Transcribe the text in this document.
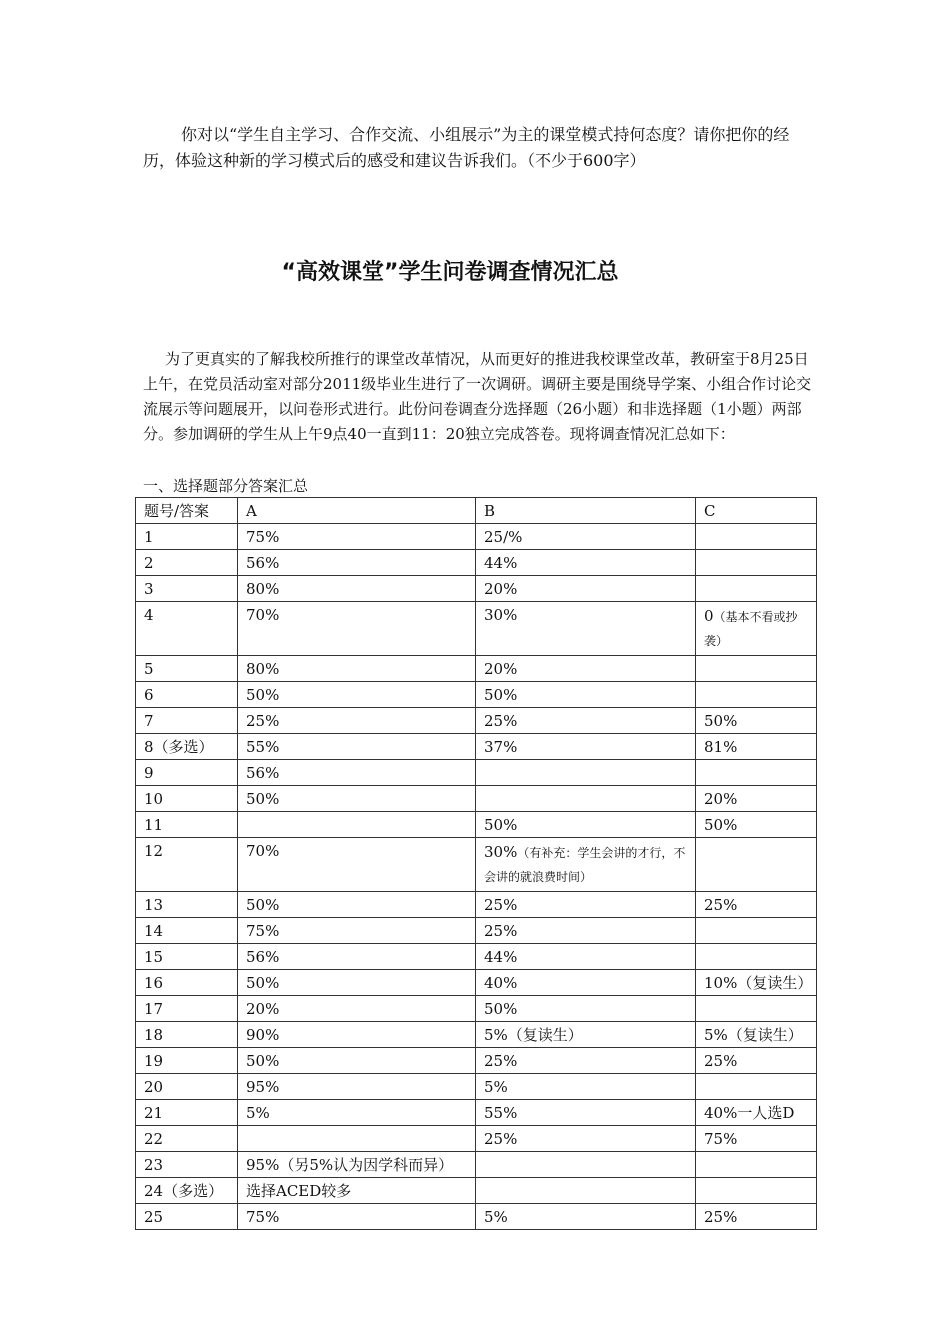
你对以“学生自主学习、合作交流、小组展示”为主的课堂模式持何态度？请你把你的经历，体验这种新的学习模式后的感受和建议告诉我们。（不少于600字）

“高效课堂”学生问卷调查情况汇总

为了更真实的了解我校所推行的课堂改革情况，从而更好的推进我校课堂改革，教研室于8月25日上午，在党员活动室对部分2011级毕业生进行了一次调研。调研主要是围绕导学案、小组合作讨论交流展示等问题展开，以问卷形式进行。此份问卷调查分选择题（26小题）和非选择题（1小题）两部分。参加调研的学生从上午9点40一直到11：20独立完成答卷。现将调查情况汇总如下：

一、选择题部分答案汇总

题号/答案	A	B	C
1	75%	25/%	
2	56%	44%	
3	80%	20%	
4	70%	30%	0（基本不看或抄袭）
5	80%	20%	
6	50%	50%	
7	25%	25%	50%
8（多选）	55%	37%	81%
9	56%		
10	50%		20%
11		50%	50%
12	70%	30%（有补充：学生会讲的才行，不会讲的就浪费时间）	
13	50%	25%	25%
14	75%	25%	
15	56%	44%	
16	50%	40%	10%（复读生）
17	20%	50%	
18	90%	5%（复读生）	5%（复读生）
19	50%	25%	25%
20	95%	5%	
21	5%	55%	40%一人选D
22		25%	75%
23	95%（另5%认为因学科而异）		
24（多选）	选择ACED较多		
25	75%	5%	25%
